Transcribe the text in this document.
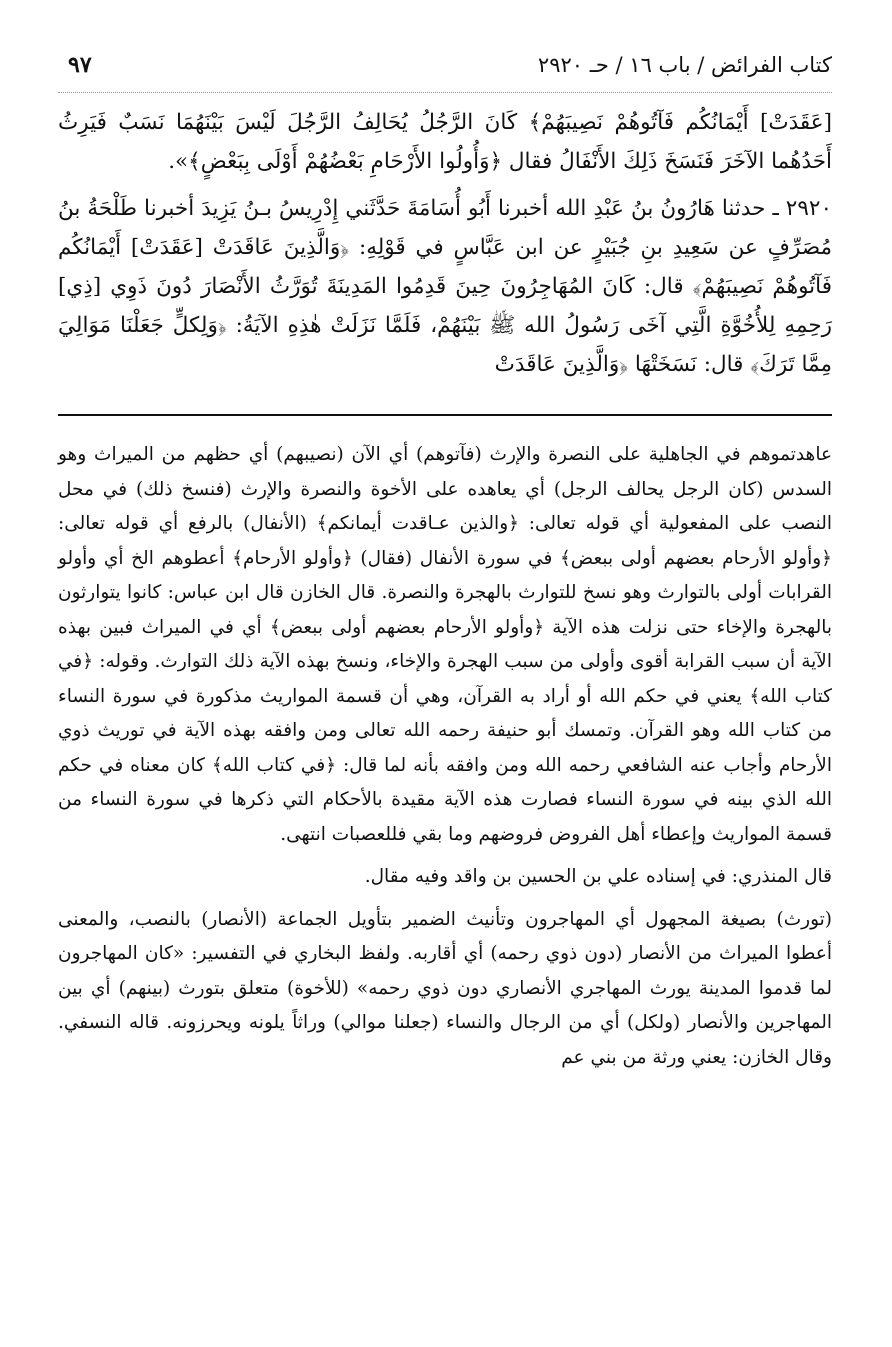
كتاب الفرائض / باب ١٦ / حـ ٢٩٢٠
٩٧

[عَقَدَتْ] أَيْمَانُكُم فَآتُوهُمْ نَصِيبَهُمْ﴾ كَانَ الرَّجُلُ يُحَالِفُ الرَّجُلَ لَيْسَ بَيْنَهُمَا نَسَبٌ فَيَرِثُ أَحَدُهُما الآخَرَ فَنَسَخَ ذَلِكَ الأَنْفَالُ فقال ﴿وَأُولُوا الأَرْحَامِ بَعْضُهُمْ أَوْلَى بِبَعْضٍ﴾».

٢٩٢٠ ـ حدثنا هَارُونُ بنُ عَبْدِ الله أخبرنا أَبُو أُسَامَةَ حَدَّثَني إِدْرِيسُ بـنُ يَزِيدَ أخبرنا طَلْحَةُ بنُ مُصَرِّفٍ عن سَعِيدِ بنِ جُبَيْرٍ عن ابن عَبَّاسٍ في قَوْلِهِ: ﴿وَالَّذِينَ عَاقَدَتْ [عَقَدَتْ] أَيْمَانُكُم فَآتُوهُمْ نَصِيبَهُمْ﴾ قال: كَانَ المُهَاجِرُونَ حِينَ قَدِمُوا المَدِينَةَ تُوَرَّثُ الأَنْصَارَ دُونَ ذَوِي [ذِي] رَحِمِهِ لِلأُخُوَّةِ الَّتِي آخَى رَسُولُ الله ﷺ بَيْنَهُمْ، فَلَمَّا نَزَلَتْ هٰذِهِ الآيَةُ: ﴿وَلِكلٍّ جَعَلْنَا مَوَالِيَ مِمَّا تَرَكَ﴾ قال: نَسَخَتْهَا ﴿وَالَّذِينَ عَاقَدَتْ

عاهدتموهم في الجاهلية على النصرة والإرث (فآتوهم) أي الآن (نصيبهم) أي حظهم من الميراث وهو السدس (كان الرجل يحالف الرجل) أي يعاهده على الأخوة والنصرة والإرث (فنسخ ذلك) في محل النصب على المفعولية أي قوله تعالى: ﴿والذين عـاقدت أيمانكم﴾ (الأنفال) بالرفع أي قوله تعالى: ﴿وأولو الأرحام بعضهم أولى ببعض﴾ في سورة الأنفال (فقال) ﴿وأولو الأرحام﴾ أعطوهم الخ أي وأولو القرابات أولى بالتوارث وهو نسخ للتوارث بالهجرة والنصرة. قال الخازن قال ابن عباس: كانوا يتوارثون بالهجرة والإخاء حتى نزلت هذه الآية ﴿وأولو الأرحام بعضهم أولى ببعض﴾ أي في الميراث فبين بهذه الآية أن سبب القرابة أقوى وأولى من سبب الهجرة والإخاء، ونسخ بهذه الآية ذلك التوارث. وقوله: ﴿في كتاب الله﴾ يعني في حكم الله أو أراد به القرآن، وهي أن قسمة المواريث مذكورة في سورة النساء من كتاب الله وهو القرآن. وتمسك أبو حنيفة رحمه الله تعالى ومن وافقه بهذه الآية في توريث ذوي الأرحام وأجاب عنه الشافعي رحمه الله ومن وافقه بأنه لما قال: ﴿في كتاب الله﴾ كان معناه في حكم الله الذي بينه في سورة النساء فصارت هذه الآية مقيدة بالأحكام التي ذكرها في سورة النساء من قسمة المواريث وإعطاء أهل الفروض فروضهم وما بقي فللعصبات انتهى.

قال المنذري: في إسناده علي بن الحسين بن واقد وفيه مقال.

(تورث) بصيغة المجهول أي المهاجرون وتأنيث الضمير بتأويل الجماعة (الأنصار) بالنصب، والمعنى أعطوا الميراث من الأنصار (دون ذوي رحمه) أي أقاربه. ولفظ البخاري في التفسير: «كان المهاجرون لما قدموا المدينة يورث المهاجري الأنصاري دون ذوي رحمه» (للأخوة) متعلق بتورث (بينهم) أي بين المهاجرين والأنصار (ولكل) أي من الرجال والنساء (جعلنا موالي) وراثاً يلونه ويحرزونه. قاله النسفي. وقال الخازن: يعني ورثة من بني عم
